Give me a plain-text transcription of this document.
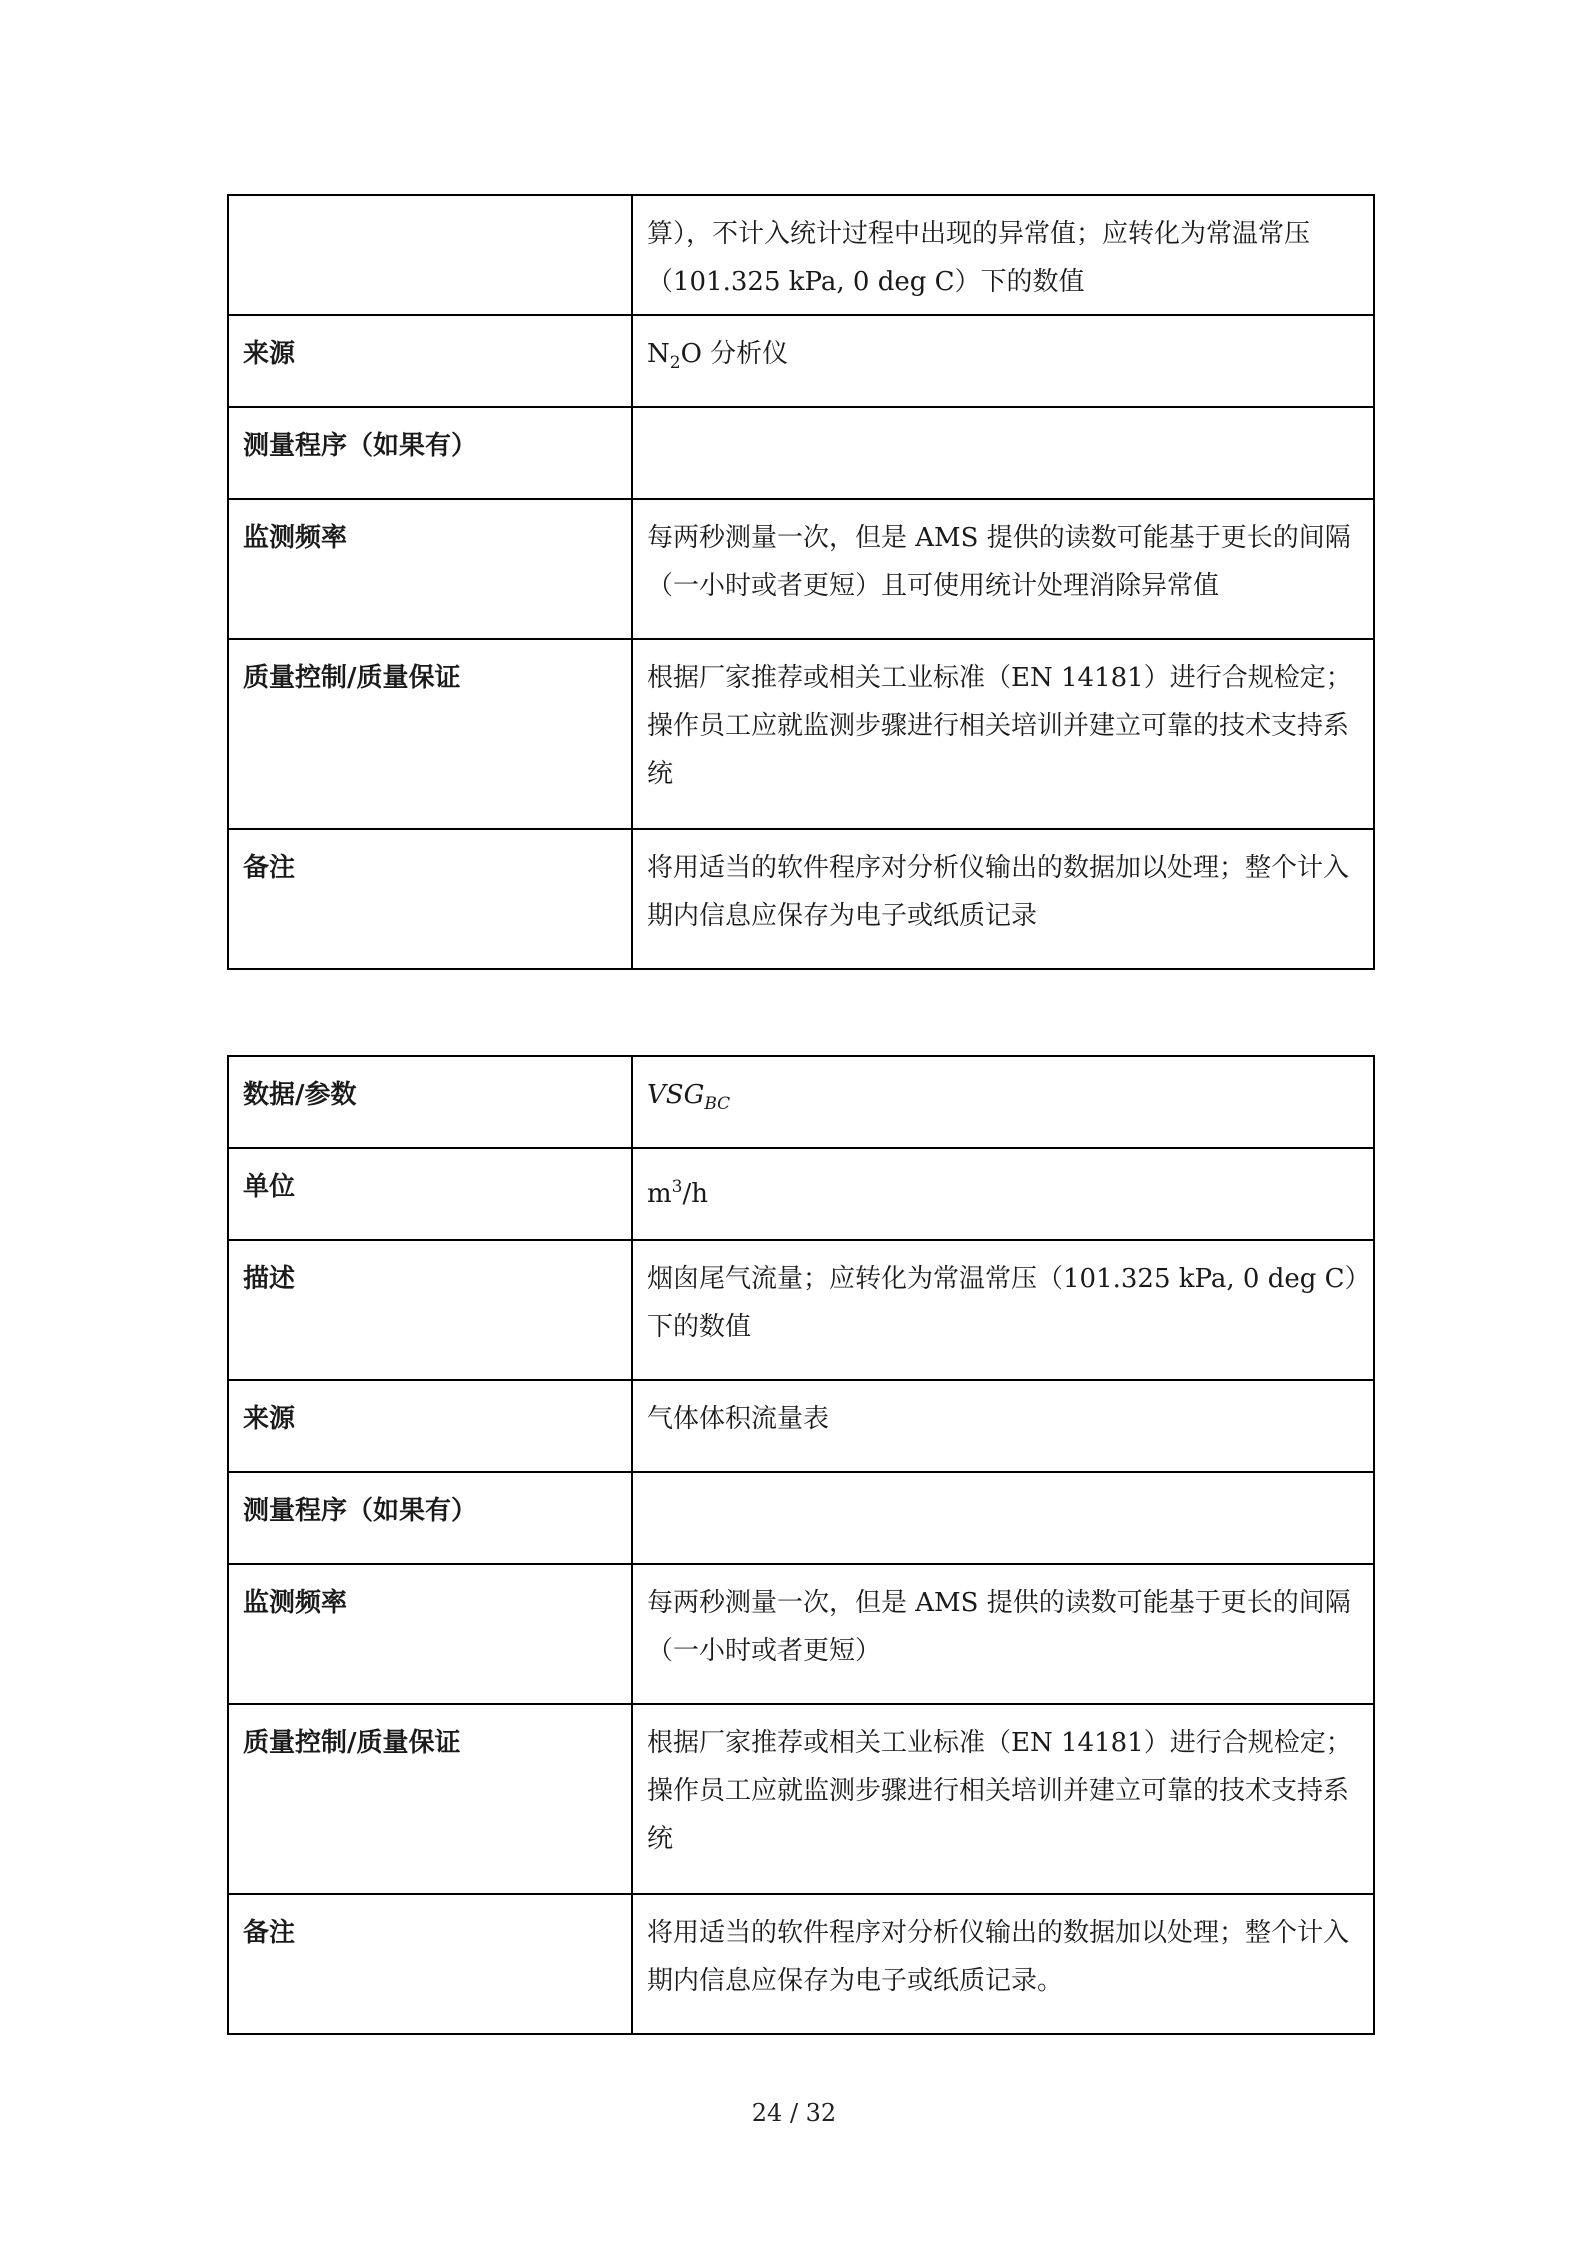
	算），不计入统计过程中出现的异常值；应转化为常温常压（101.325 kPa, 0 deg C）下的数值
来源	$N_2O$ 分析仪
测量程序（如果有）	
监测频率	每两秒测量一次，但是 AMS 提供的读数可能基于更长的间隔（一小时或者更短）且可使用统计处理消除异常值
质量控制/质量保证	根据厂家推荐或相关工业标准（EN 14181）进行合规检定；操作员工应就监测步骤进行相关培训并建立可靠的技术支持系统
备注	将用适当的软件程序对分析仪输出的数据加以处理；整个计入期内信息应保存为电子或纸质记录
数据/参数	$VSG_{BC}$
单位	$m^3/h$
描述	烟囱尾气流量；应转化为常温常压（101.325 kPa, 0 deg C）下的数值
来源	气体体积流量表
测量程序（如果有）	
监测频率	每两秒测量一次，但是 AMS 提供的读数可能基于更长的间隔（一小时或者更短）
质量控制/质量保证	根据厂家推荐或相关工业标准（EN 14181）进行合规检定；操作员工应就监测步骤进行相关培训并建立可靠的技术支持系统
备注	将用适当的软件程序对分析仪输出的数据加以处理；整个计入期内信息应保存为电子或纸质记录。
24 / 32
